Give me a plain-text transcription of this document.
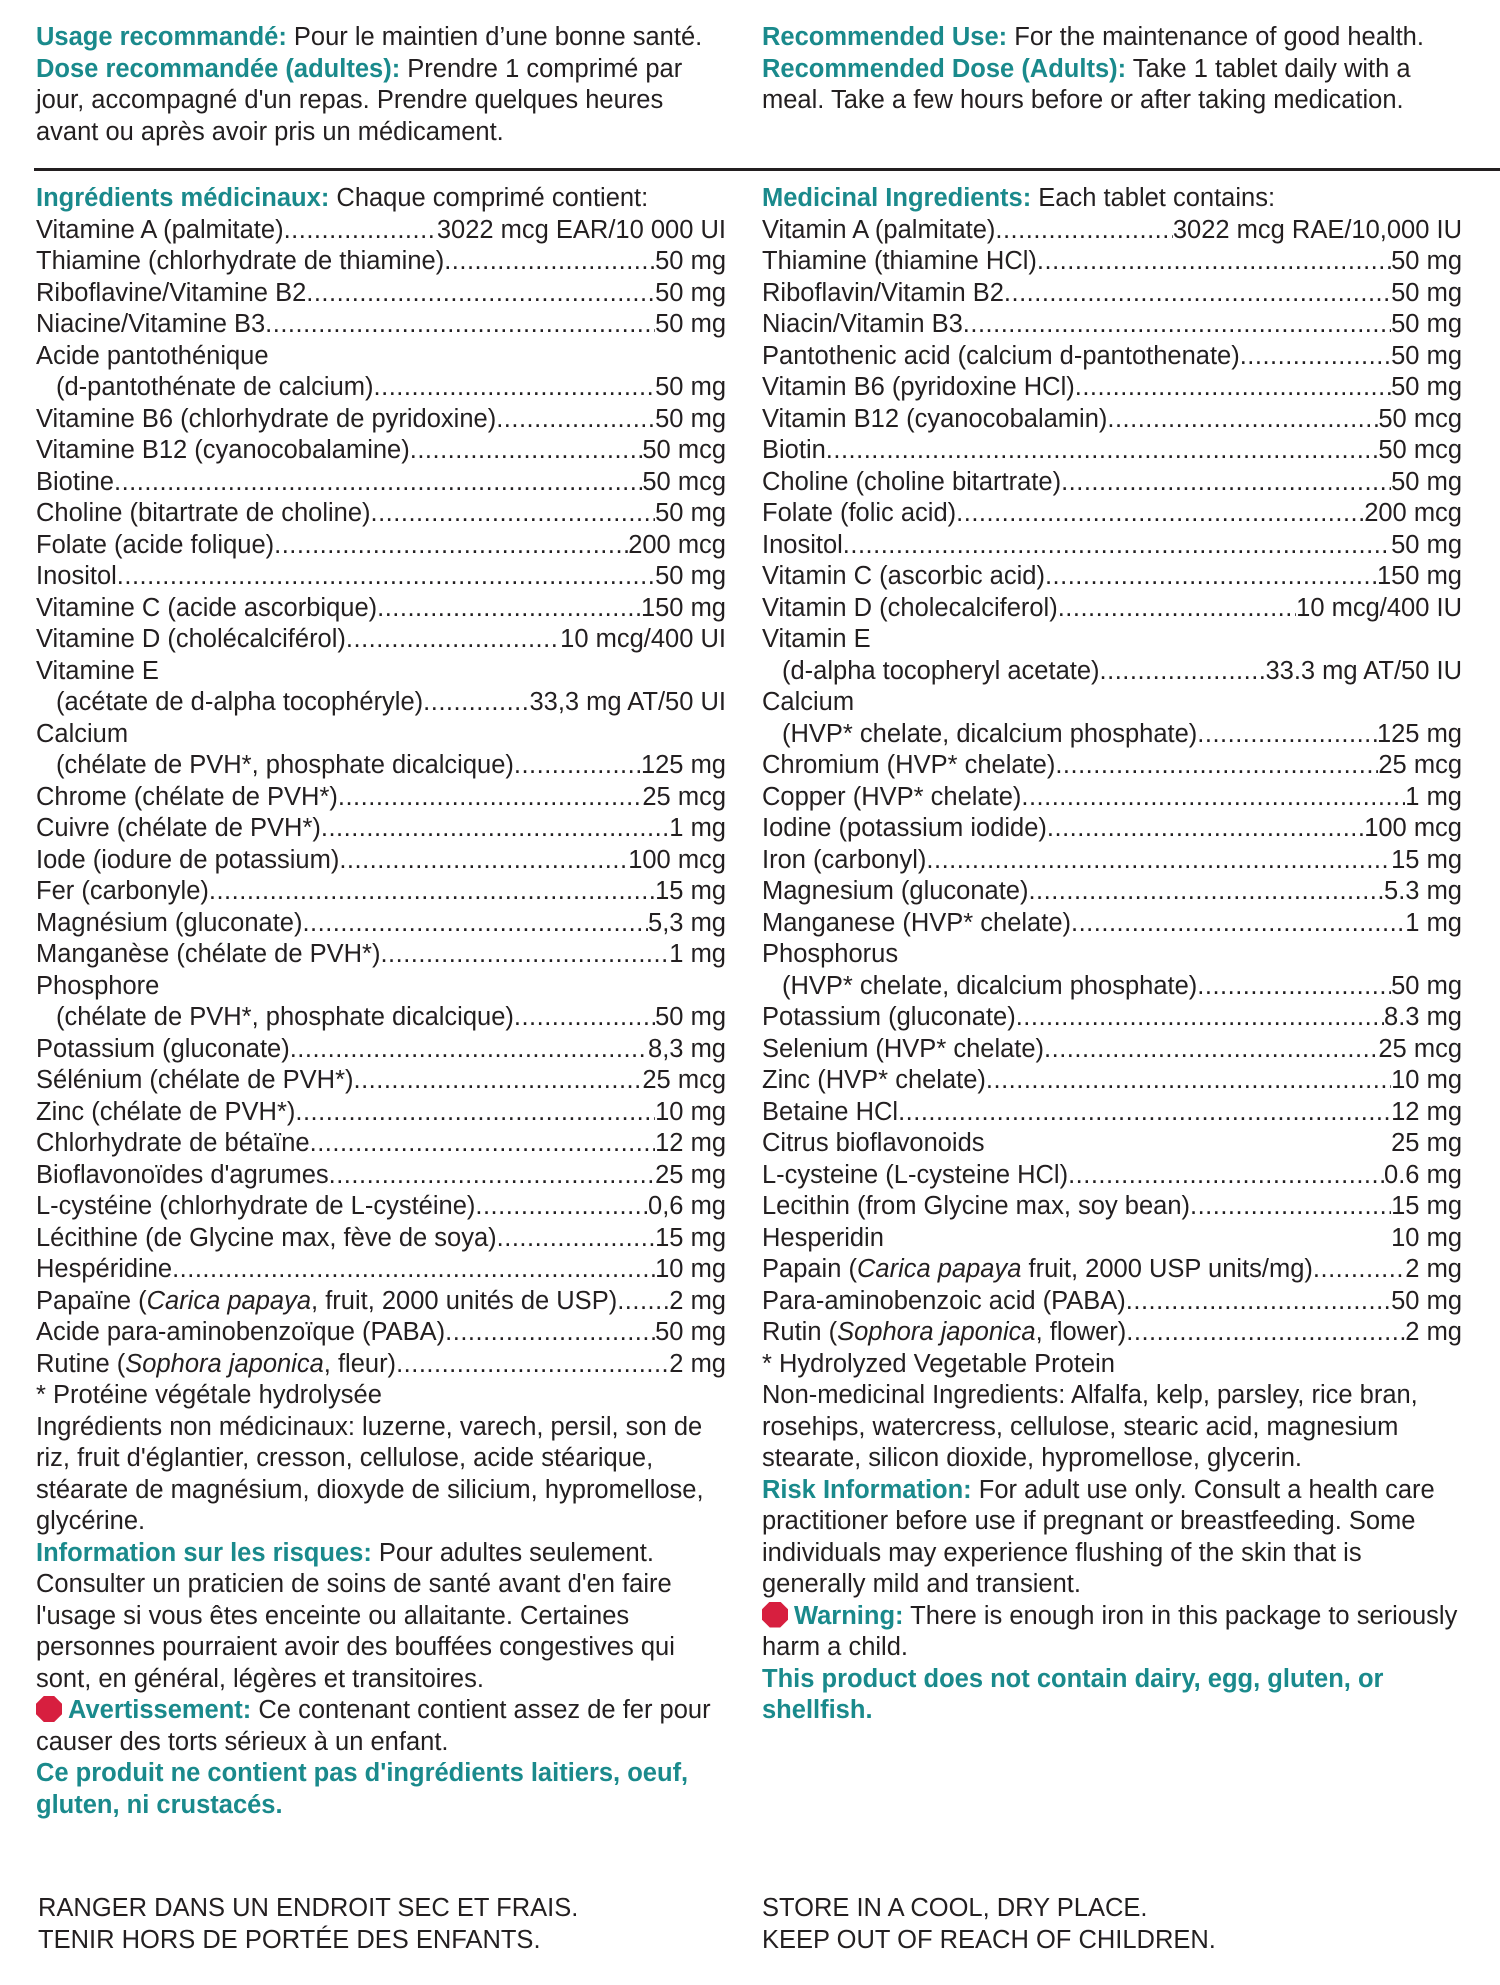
Usage recommandé: Pour le maintien d’une bonne santé.

Dose recommandée (adultes): Prendre 1 comprimé par jour, accompagné d'un repas. Prendre quelques heures avant ou après avoir pris un médicament.

Recommended Use: For the maintenance of good health.

Recommended Dose (Adults): Take 1 tablet daily with a meal. Take a few hours before or after taking medication.

Ingrédients médicinaux: Chaque comprimé contient:

Vitamine A (palmitate) .....	3022 mcg EAR/10 000 UI
Thiamine (chlorhydrate de thiamine) .....	50 mg
Riboflavine/Vitamine B2 .....	50 mg
Niacine/Vitamine B3 .....	50 mg
Acide pantothénique
(d-pantothénate de calcium) .....	50 mg
Vitamine B6 (chlorhydrate de pyridoxine) .....	50 mg
Vitamine B12 (cyanocobalamine) .....	50 mcg
Biotine .....	50 mcg
Choline (bitartrate de choline) .....	50 mg
Folate (acide folique) .....	200 mcg
Inositol .....	50 mg
Vitamine C (acide ascorbique) .....	150 mg
Vitamine D (cholécalciférol) .....	10 mcg/400 UI
Vitamine E
(acétate de d-alpha tocophéryle) .....	33,3 mg AT/50 UI
Calcium
(chélate de PVH*, phosphate dicalcique) .....	125 mg
Chrome (chélate de PVH*) .....	25 mcg
Cuivre (chélate de PVH*) .....	1 mg
Iode (iodure de potassium) .....	100 mcg
Fer (carbonyle) .....	15 mg
Magnésium (gluconate) .....	5,3 mg
Manganèse (chélate de PVH*) .....	1 mg
Phosphore
(chélate de PVH*, phosphate dicalcique) .....	50 mg
Potassium (gluconate) .....	8,3 mg
Sélénium (chélate de PVH*) .....	25 mcg
Zinc (chélate de PVH*) .....	10 mg
Chlorhydrate de bétaïne .....	12 mg
Bioflavonoïdes d'agrumes .....	25 mg
L-cystéine (chlorhydrate de L-cystéine) .....	0,6 mg
Lécithine (de Glycine max, fève de soya) .....	15 mg
Hespéridine .....	10 mg
Papaïne (Carica papaya, fruit, 2000 unités de USP) ..... 2 mg
Acide para-aminobenzoïque (PABA) .....	50 mg
Rutine (Sophora japonica, fleur) .....	2 mg

* Protéine végétale hydrolysée

Ingrédients non médicinaux: luzerne, varech, persil, son de riz, fruit d'églantier, cresson, cellulose, acide stéarique, stéarate de magnésium, dioxyde de silicium, hypromellose, glycérine.

Information sur les risques: Pour adultes seulement. Consulter un praticien de soins de santé avant d'en faire l'usage si vous êtes enceinte ou allaitante. Certaines personnes pourraient avoir des bouffées congestives qui sont, en général, légères et transitoires.

Avertissement: Ce contenant contient assez de fer pour causer des torts sérieux à un enfant.

Ce produit ne contient pas d'ingrédients laitiers, oeuf, gluten, ni crustacés.

Medicinal Ingredients: Each tablet contains:

Vitamin A (palmitate) .....	3022 mcg RAE/10,000 IU
Thiamine (thiamine HCl) .....	50 mg
Riboflavin/Vitamin B2 .....	50 mg
Niacin/Vitamin B3 .....	50 mg
Pantothenic acid (calcium d-pantothenate) .....	50 mg
Vitamin B6 (pyridoxine HCl) .....	50 mg
Vitamin B12 (cyanocobalamin) .....	50 mcg
Biotin .....	50 mcg
Choline (choline bitartrate) .....	50 mg
Folate (folic acid) .....	200 mcg
Inositol .....	50 mg
Vitamin C (ascorbic acid) .....	150 mg
Vitamin D (cholecalciferol) .....	10 mcg/400 IU
Vitamin E
(d-alpha tocopheryl acetate) .....	33.3 mg AT/50 IU
Calcium
(HVP* chelate, dicalcium phosphate) .....	125 mg
Chromium (HVP* chelate) .....	25 mcg
Copper (HVP* chelate) .....	1 mg
Iodine (potassium iodide) .....	100 mcg
Iron (carbonyl) .....	15 mg
Magnesium (gluconate) .....	5.3 mg
Manganese (HVP* chelate) .....	1 mg
Phosphorus
(HVP* chelate, dicalcium phosphate) .....	50 mg
Potassium (gluconate) .....	8.3 mg
Selenium (HVP* chelate) .....	25 mcg
Zinc (HVP* chelate) .....	10 mg
Betaine HCl .....	12 mg
Citrus bioflavonoids	25 mg
L-cysteine (L-cysteine HCl) .....	0.6 mg
Lecithin (from Glycine max, soy bean) .....	15 mg
Hesperidin	10 mg
Papain (Carica papaya fruit, 2000 USP units/mg) .....	2 mg
Para-aminobenzoic acid (PABA) .....	50 mg
Rutin (Sophora japonica, flower) .....	2 mg

* Hydrolyzed Vegetable Protein

Non-medicinal Ingredients: Alfalfa, kelp, parsley, rice bran, rosehips, watercress, cellulose, stearic acid, magnesium stearate, silicon dioxide, hypromellose, glycerin.

Risk Information: For adult use only. Consult a health care practitioner before use if pregnant or breastfeeding. Some individuals may experience flushing of the skin that is generally mild and transient.

Warning: There is enough iron in this package to seriously harm a child.

This product does not contain dairy, egg, gluten, or shellfish.

RANGER DANS UN ENDROIT SEC ET FRAIS.

TENIR HORS DE PORTÉE DES ENFANTS.

STORE IN A COOL, DRY PLACE.

KEEP OUT OF REACH OF CHILDREN.
